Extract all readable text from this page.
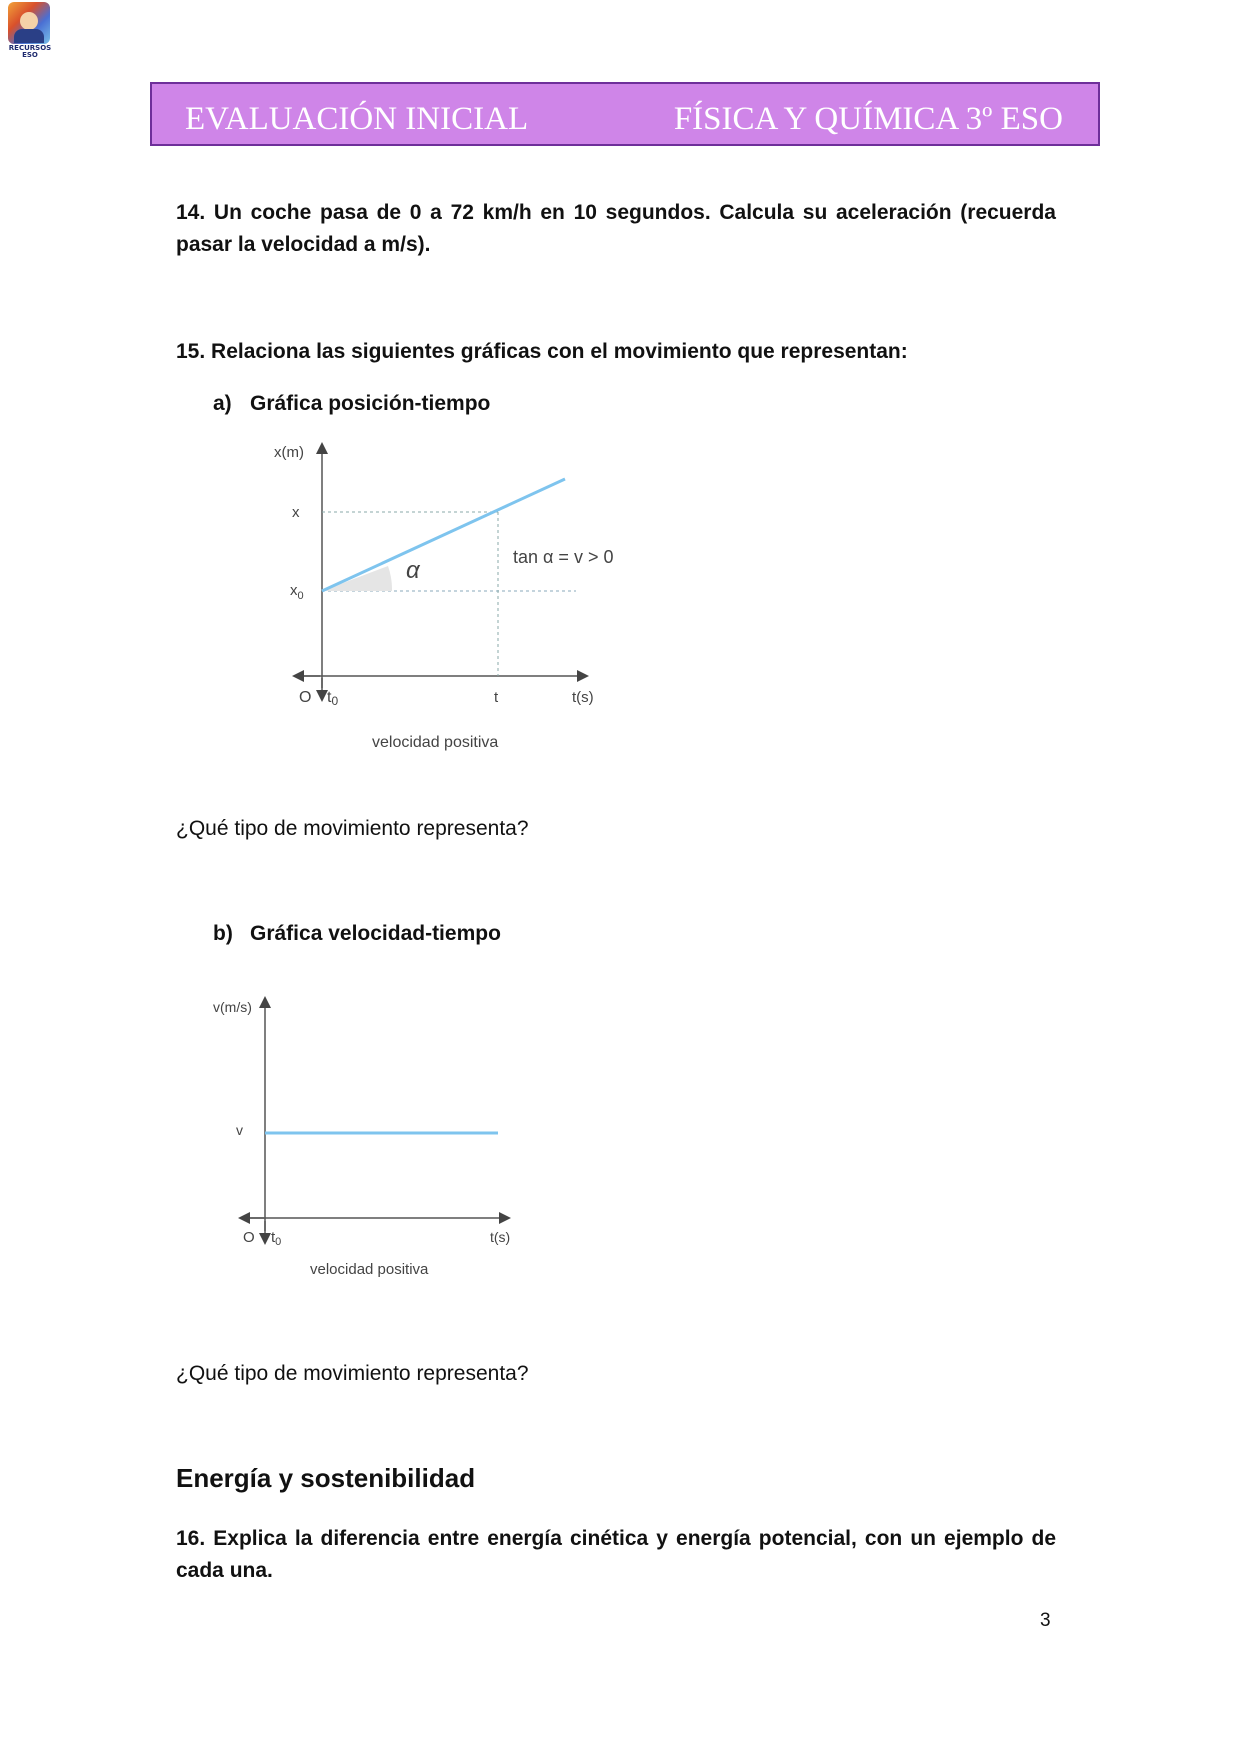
RECURSOS
ESO
EVALUACIÓN INICIAL	FÍSICA Y QUÍMICA 3º ESO
14. Un coche pasa de 0 a 72 km/h en 10 segundos. Calcula su aceleración (recuerda pasar la velocidad a m/s).
15. Relaciona las siguientes gráficas con el movimiento que representan:
a) Gráfica posición-tiempo
x(m)
x
$x_0$
α	tan α = v > 0
O t0	t	t(s)
velocidad positiva
¿Qué tipo de movimiento representa?
b) Gráfica velocidad-tiempo
v(m/s)
v
O $t_0$	t(s)
velocidad positiva
¿Qué tipo de movimiento representa?
Energía y sostenibilidad
16. Explica la diferencia entre energía cinética y energía potencial, con un ejemplo de cada una.
3
